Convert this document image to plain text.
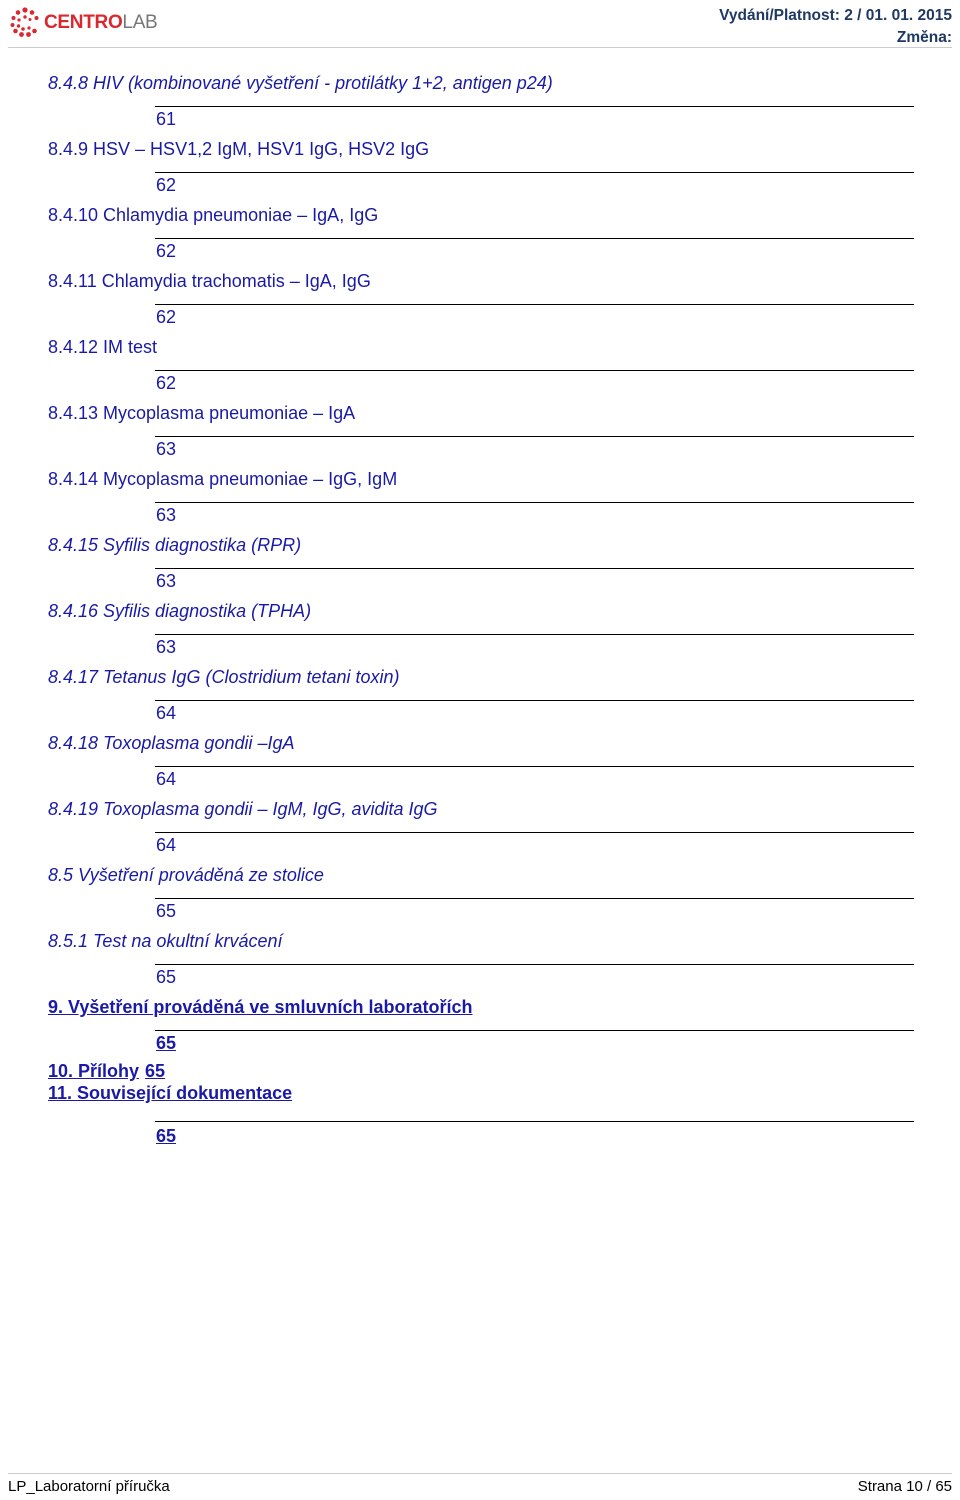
CENTROLAB	Vydání/Platnost: 2 / 01. 01. 2015
Změna:
8.4.8 HIV (kombinované vyšetření - protilátky 1+2, antigen p24)
61
8.4.9 HSV – HSV1,2 IgM, HSV1 IgG, HSV2 IgG
62
8.4.10 Chlamydia pneumoniae – IgA, IgG
62
8.4.11 Chlamydia trachomatis – IgA, IgG
62
8.4.12 IM test
62
8.4.13 Mycoplasma pneumoniae – IgA
63
8.4.14 Mycoplasma pneumoniae – IgG, IgM
63
8.4.15 Syfilis diagnostika (RPR)
63
8.4.16 Syfilis diagnostika (TPHA)
63
8.4.17 Tetanus IgG (Clostridium tetani toxin)
64
8.4.18 Toxoplasma gondii –IgA
64
8.4.19 Toxoplasma gondii – IgM, IgG, avidita IgG
64
8.5 Vyšetření prováděná ze stolice
65
8.5.1 Test na okultní krvácení
65
9. Vyšetření prováděná ve smluvních laboratořích
65
10. Přílohy 65
11. Související dokumentace
65
LP_Laboratorní příručka	Strana 10 / 65
